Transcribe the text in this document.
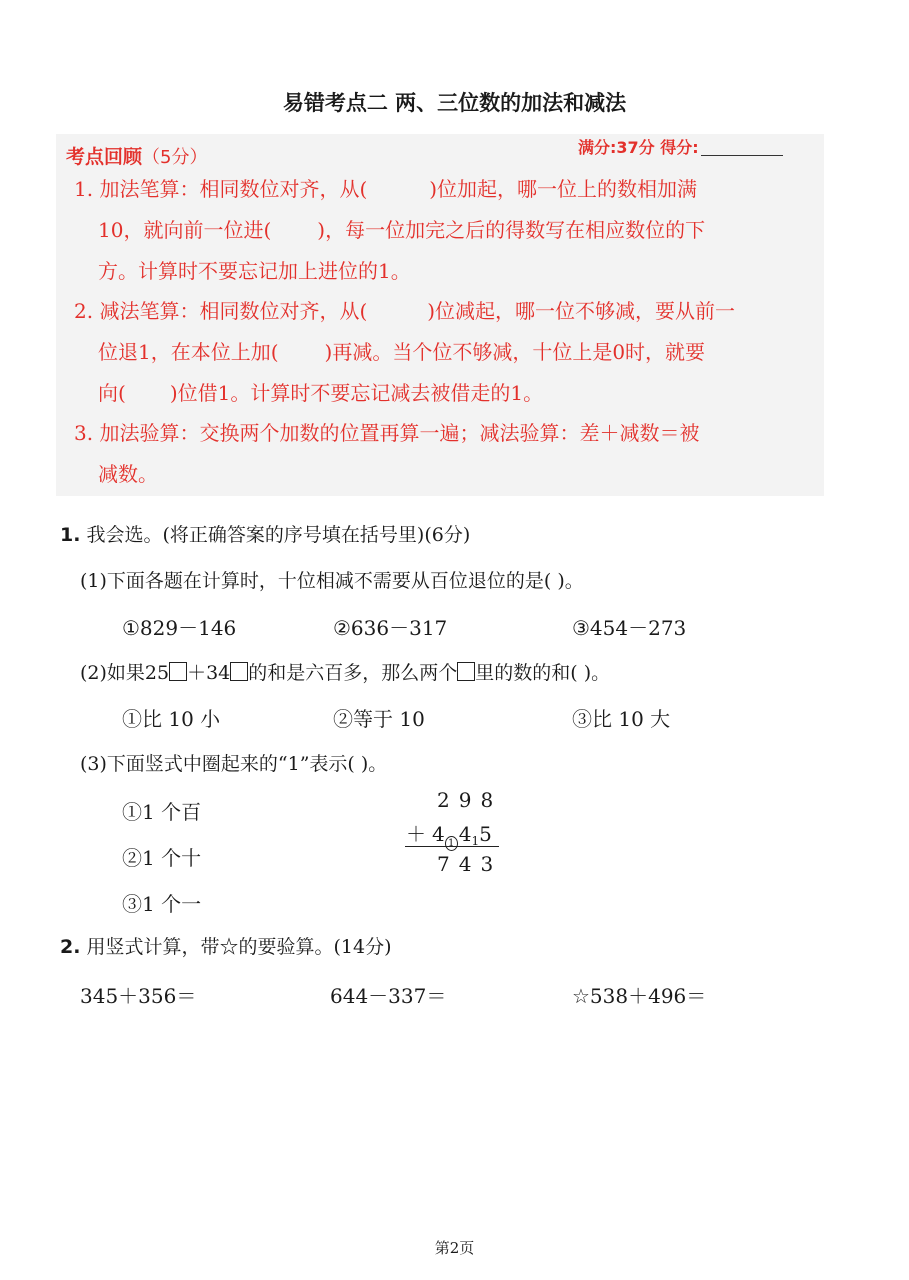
易错考点二 两、三位数的加法和减法
考点回顾（5分）	满分:37分 得分:
1. 加法笔算：相同数位对齐，从(	)位加起，哪一位上的数相加满
10，就向前一位进( )，每一位加完之后的得数写在相应数位的下
方。计算时不要忘记加上进位的1。
2. 减法笔算：相同数位对齐，从(	)位减起，哪一位不够减，要从前一
位退1，在本位上加( )再减。当个位不够减，十位上是0时，就要
向( )位借1。计算时不要忘记减去被借走的1。
3. 加法验算：交换两个加数的位置再算一遍；减法验算：差＋减数＝被
减数。
1. 我会选。(将正确答案的序号填在括号里)(6分)
(1)下面各题在计算时，十位相减不需要从百位退位的是( )。
①829－146	②636－317	③454－273
(2)如果25 ＋34 的和是六百多，那么两个 里的数的和( )。
①比 10 小	②等于 10	③比 10 大
(3)下面竖式中圈起来的“1”表示( )。
①1 个百
②1 个十
③1 个一
298
＋ 4 1 $4_15$
743
2. 用竖式计算，带☆的要验算。(14分)
345＋356＝	644－337＝	☆538＋496＝
第2页
